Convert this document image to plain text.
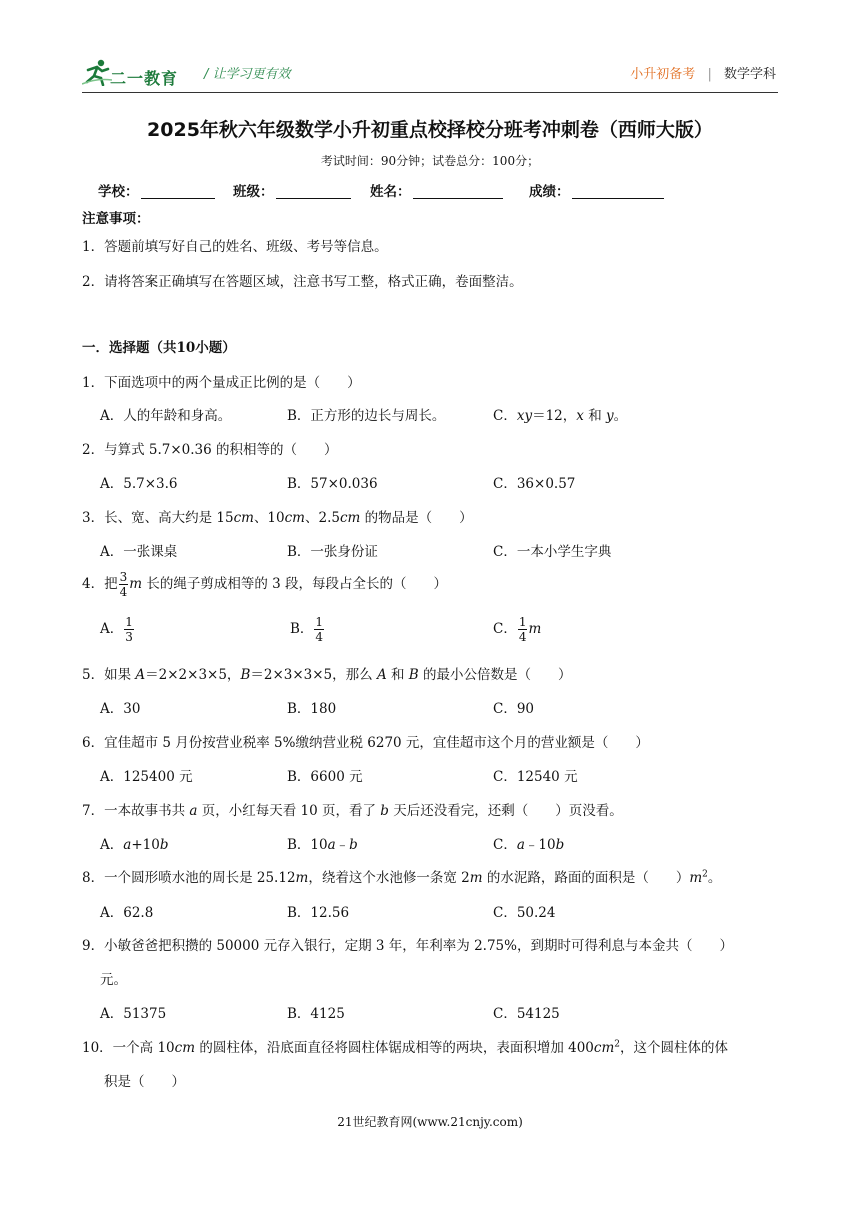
二一教育 / 让学习更有效	小升初备考 | 数学学科
2025年秋六年级数学小升初重点校择校分班考冲刺卷（西师大版）
考试时间：90分钟；试卷总分：100分；
学校：	班级：	姓名：	成绩：
注意事项：
1．答题前填写好自己的姓名、班级、考号等信息。
2．请将答案正确填写在答题区域，注意书写工整，格式正确，卷面整洁。
一．选择题（共10小题）
1．下面选项中的两个量成正比例的是（　　）
A．人的年龄和身高。	B．正方形的边长与周长。	C．xy＝12，x 和 y。
2．与算式 5.7×0.36 的积相等的（　　）
A．5.7×3.6	B．57×0.036	C．36×0.57
3．长、宽、高大约是 15cm、10cm、2.5cm 的物品是（　　）
A．一张课桌	B．一张身份证	C．一本小学生字典
4．把 $\frac{3}{4}$ m 长的绳子剪成相等的 3 段，每段占全长的（　　）
A． $\frac{1}{3}$	B． $\frac{1}{4}$	C． $\frac{1}{4}$ m
5．如果 A＝2×2×3×5，B＝2×3×3×5，那么 A 和 B 的最小公倍数是（　　）
A．30	B．180	C．90
6．宜佳超市 5 月份按营业税率 5%缴纳营业税 6270 元，宜佳超市这个月的营业额是（　　）
A．125400 元	B．6600 元	C．12540 元
7．一本故事书共 a 页，小红每天看 10 页，看了 b 天后还没看完，还剩（　　）页没看。
A．a+10b	B．10a﹣b	C．a﹣10b
8．一个圆形喷水池的周长是 25.12m，绕着这个水池修一条宽 2m 的水泥路，路面的面积是（　　）$m^2$。
A．62.8	B．12.56	C．50.24
9．小敏爸爸把积攒的 50000 元存入银行，定期 3 年，年利率为 2.75%，到期时可得利息与本金共（　　）
元。
A．51375	B．4125	C．54125
10．一个高 10cm 的圆柱体，沿底面直径将圆柱体锯成相等的两块，表面积增加 $400cm^2$，这个圆柱体的体
积是（　　）
21世纪教育网(www.21cnjy.com)
